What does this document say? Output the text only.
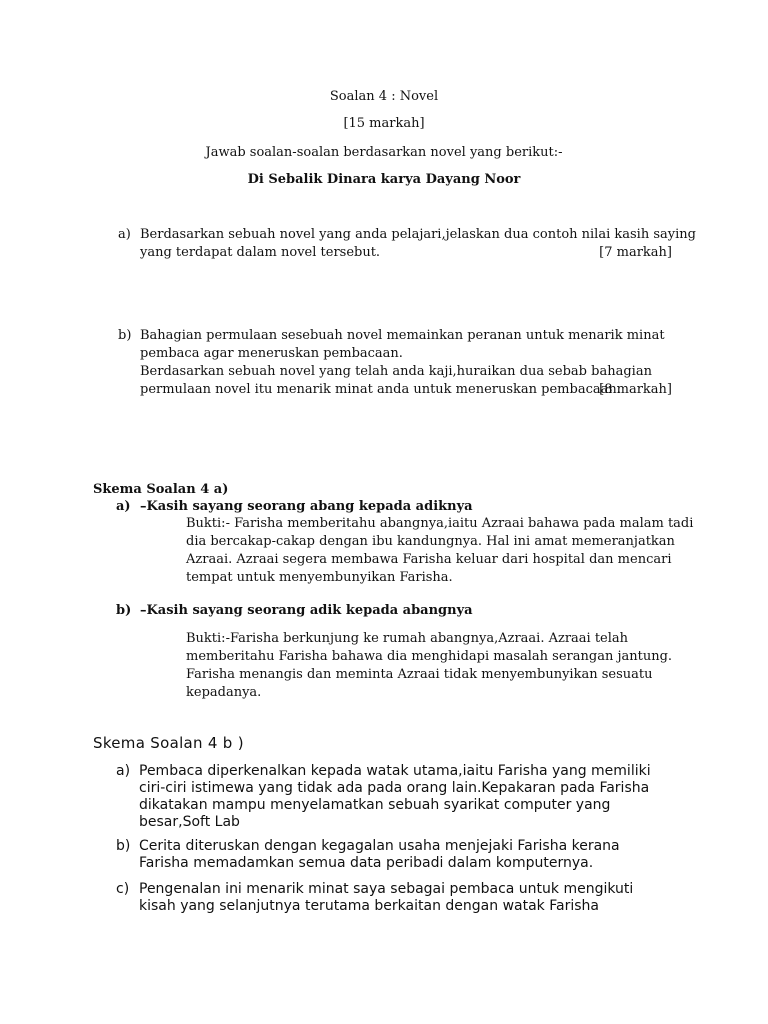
Soalan 4 : Novel
[15 markah]
Jawab soalan-soalan berdasarkan novel yang berikut:-
Di Sebalik Dinara karya Dayang Noor
a) Berdasarkan sebuah novel yang anda pelajari,jelaskan dua contoh nilai kasih saying
yang terdapat dalam novel tersebut.	[7 markah]
b) Bahagian permulaan sesebuah novel memainkan peranan untuk menarik minat
pembaca agar meneruskan pembacaan.
Berdasarkan sebuah novel yang telah anda kaji,huraikan dua sebab bahagian
permulaan novel itu menarik minat anda untuk meneruskan pembacaan.
[8 markah]
Skema Soalan 4 a)
a) –Kasih sayang seorang abang kepada adiknya
Bukti:- Farisha memberitahu abangnya,iaitu Azraai bahawa pada malam tadi
dia bercakap-cakap dengan ibu kandungnya. Hal ini amat memeranjatkan
Azraai. Azraai segera membawa Farisha keluar dari hospital dan mencari
tempat untuk menyembunyikan Farisha.
b) –Kasih sayang seorang adik kepada abangnya
Bukti:-Farisha berkunjung ke rumah abangnya,Azraai. Azraai telah
memberitahu Farisha bahawa dia menghidapi masalah serangan jantung.
Farisha menangis dan meminta Azraai tidak menyembunyikan sesuatu
kepadanya.
Skema Soalan 4 b )
a) Pembaca diperkenalkan kepada watak utama,iaitu Farisha yang memiliki
ciri-ciri istimewa yang tidak ada pada orang lain.Kepakaran pada Farisha
dikatakan mampu menyelamatkan sebuah syarikat computer yang
besar,Soft Lab
b) Cerita diteruskan dengan kegagalan usaha menjejaki Farisha kerana
Farisha memadamkan semua data peribadi dalam komputernya.
c) Pengenalan ini menarik minat saya sebagai pembaca untuk mengikuti
kisah yang selanjutnya terutama berkaitan dengan watak Farisha
